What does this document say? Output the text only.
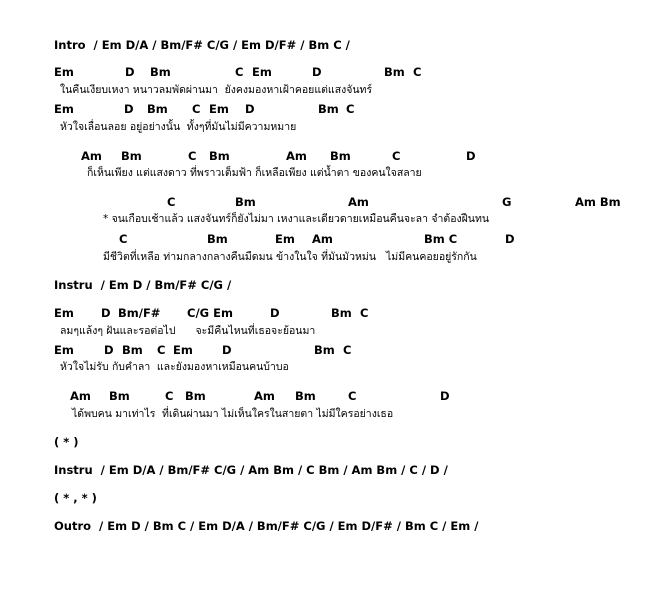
Intro  / Em D/A / Bm/F# C/G / Em D/F# / Bm C /
Em	D Bm	C Em	D	Bm C
ในคืนเงียบเหงา หนาวลมพัดผ่านมา  ยังคงมองหาเฝ้าคอยแต่แสงจันทร์
Em	D Bm C Em D	Bm C
หัวใจเลื่อนลอย อยู่อย่างนั้น  ทั้งๆที่มันไม่มีความหมาย
Am Bm	C Bm	Am Bm	C	D
ก็เห็นเพียง แต่แสงดาว ที่พราวเต็มฟ้า ก็เหลือเพียง แต่น้ำตา ของคนใจสลาย
C	Bm	Am	G	Am Bm
* จนเกือบเช้าแล้ว แสงจันทร์ก็ยังไม่มา เหงาและเดียวดายเหมือนคืนจะลา จำต้องฝืนทน
C	Bm	Em Am	Bm C	D
มีชีวิตที่เหลือ ท่ามกลางกลางคืนมืดมน ข้างในใจ ที่มันมัวหม่น   ไม่มีคนคอยอยู่รักกัน
Instru  / Em D / Bm/F# C/G /
Em D Bm/F# C/G Em	D	Bm C
ลมๆแล้งๆ ฝันและรอต่อไป      จะมีคืนไหนที่เธอจะย้อนมา
Em	D Bm C Em	D	Bm C
หัวใจไม่รับ กับคำลา  และยังมองหาเหมือนคนบ้าบอ
Am Bm	C Bm	Am Bm	C	D
ได้พบคน มาเท่าไร  ที่เดินผ่านมา ไม่เห็นใครในสายตา ไม่มีใครอย่างเธอ
( * )
Instru  / Em D/A / Bm/F# C/G / Am Bm / C Bm / Am Bm / C / D /
( * , * )
Outro  / Em D / Bm C / Em D/A / Bm/F# C/G / Em D/F# / Bm C / Em /
